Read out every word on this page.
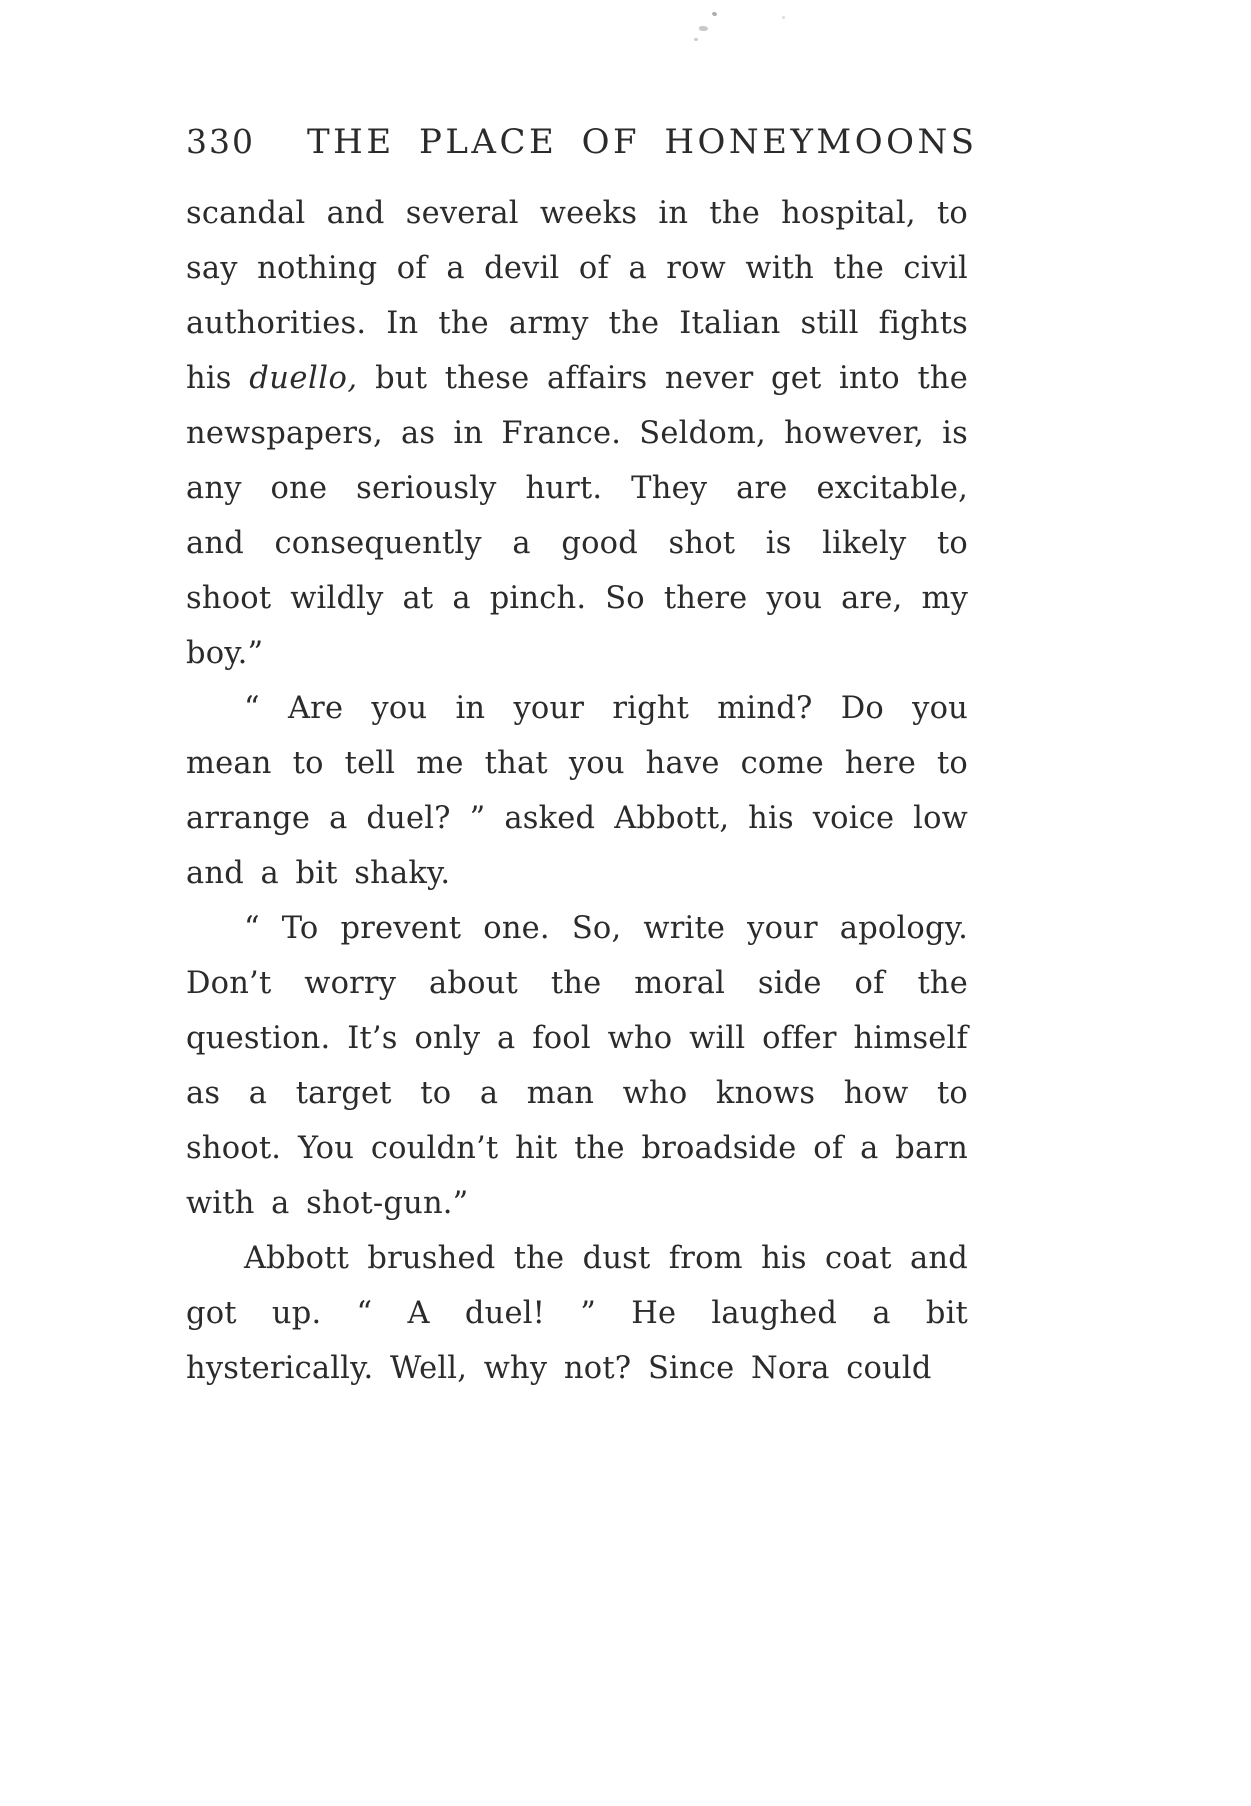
330 THE PLACE OF HONEYMOONS

scandal and several weeks in the hospital, to say nothing of a devil of a row with the civil authorities. In the army the Italian still fights his duello, but these affairs never get into the newspapers, as in France. Seldom, however, is any one seriously hurt. They are excitable, and consequently a good shot is likely to shoot wildly at a pinch. So there you are, my boy.”

“ Are you in your right mind? Do you mean to tell me that you have come here to arrange a duel? ” asked Abbott, his voice low and a bit shaky.

“ To prevent one. So, write your apology. Don’t worry about the moral side of the question. It’s only a fool who will offer himself as a target to a man who knows how to shoot. You couldn’t hit the broadside of a barn with a shot-gun.”

Abbott brushed the dust from his coat and got up. “ A duel! ” He laughed a bit hysterically. Well, why not? Since Nora could
